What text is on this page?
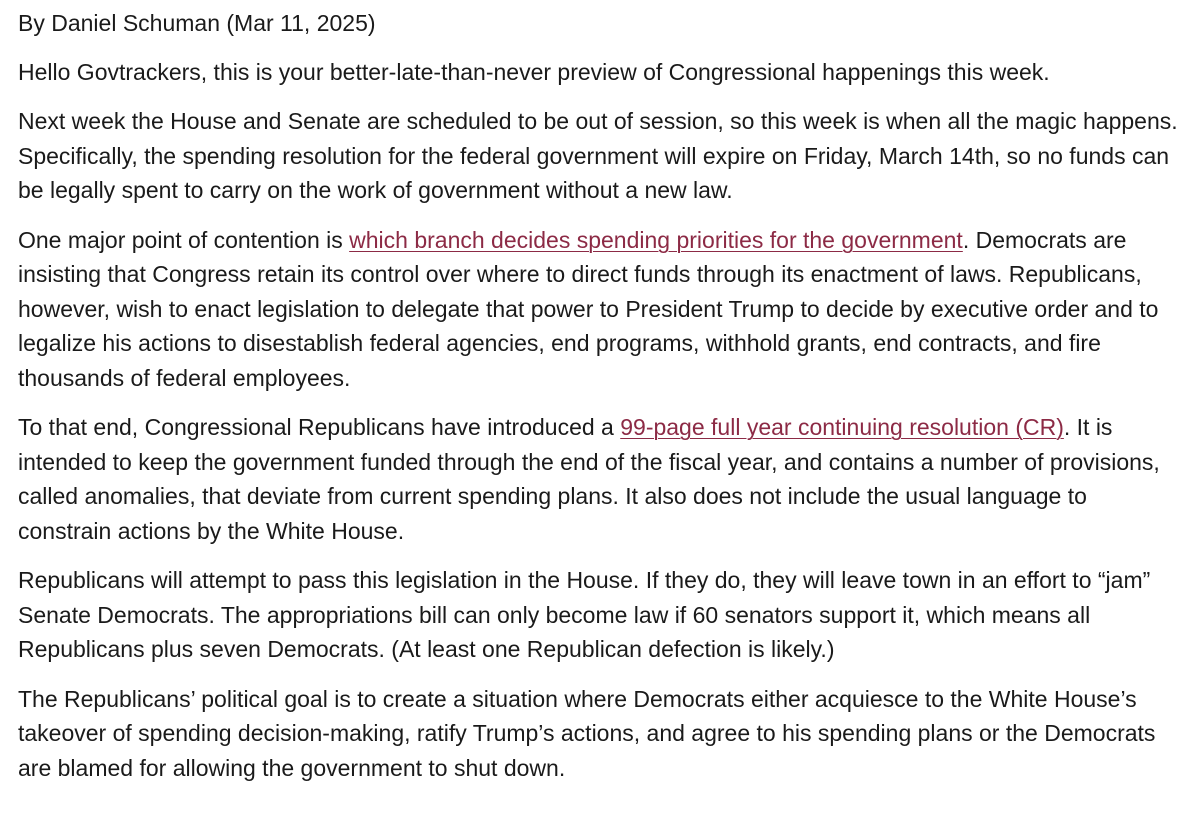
By Daniel Schuman (Mar 11, 2025)

Hello Govtrackers, this is your better-late-than-never preview of Congressional happenings this week.

Next week the House and Senate are scheduled to be out of session, so this week is when all the magic happens. Specifically, the spending resolution for the federal government will expire on Friday, March 14th, so no funds can be legally spent to carry on the work of government without a new law.

One major point of contention is which branch decides spending priorities for the government. Democrats are insisting that Congress retain its control over where to direct funds through its enactment of laws. Republicans, however, wish to enact legislation to delegate that power to President Trump to decide by executive order and to legalize his actions to disestablish federal agencies, end programs, withhold grants, end contracts, and fire thousands of federal employees.

To that end, Congressional Republicans have introduced a 99-page full year continuing resolution (CR). It is intended to keep the government funded through the end of the fiscal year, and contains a number of provisions, called anomalies, that deviate from current spending plans. It also does not include the usual language to constrain actions by the White House.

Republicans will attempt to pass this legislation in the House. If they do, they will leave town in an effort to “jam” Senate Democrats. The appropriations bill can only become law if 60 senators support it, which means all Republicans plus seven Democrats. (At least one Republican defection is likely.)

The Republicans’ political goal is to create a situation where Democrats either acquiesce to the White House’s takeover of spending decision-making, ratify Trump’s actions, and agree to his spending plans or the Democrats are blamed for allowing the government to shut down.
